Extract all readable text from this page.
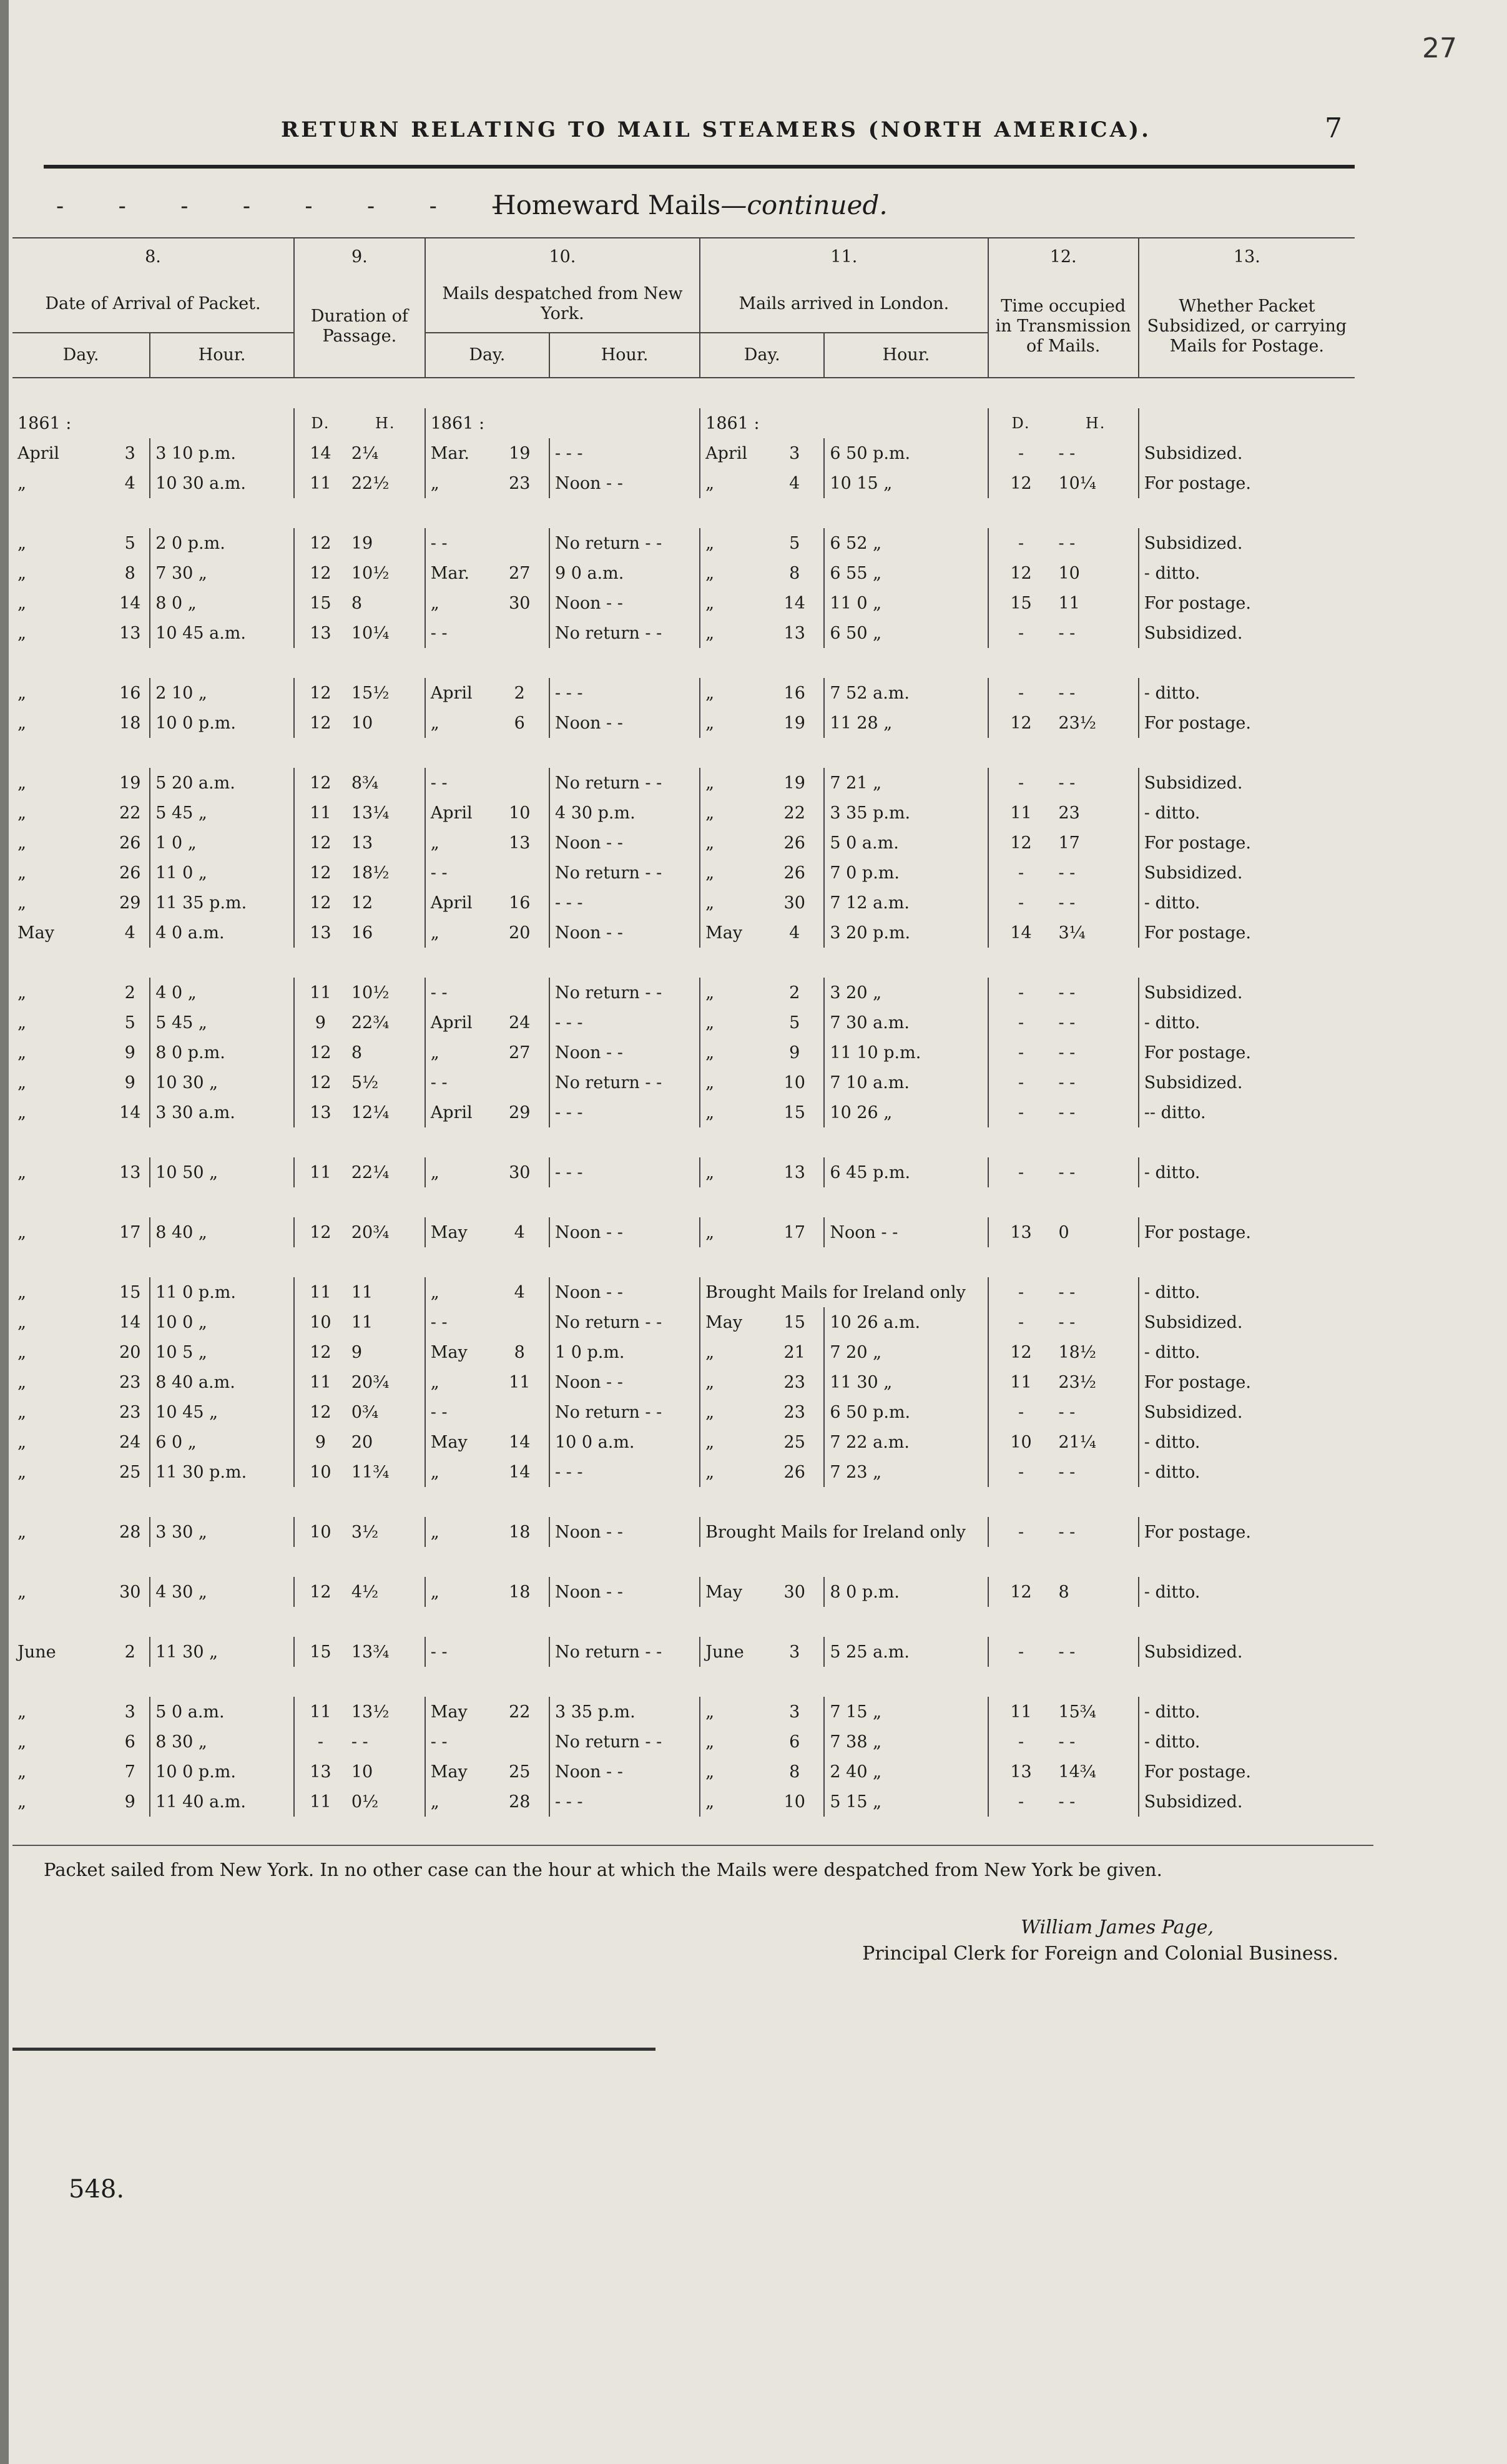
27
RETURN RELATING TO MAIL STEAMERS (NORTH AMERICA).	7
- - - - - - - -
Homeward Mails—continued.
8.			9.		10.			11.			12.		13.
Date of Arrival of Packet.			Duration of Passage.		Mails despatched from New York.			Mails arrived in London.			Time occupied in Transmission of Mails.		Whether Packet Subsidized, or carrying Mails for Postage.
Day.		Hour.			Day.		Hour.	Day.		Hour.			

1861 :			D.	H.	1861 :			1861 :			D.	H.	
April	3	3 10 p.m.	14	2¼	Mar.	19	- - -	April	3	6 50 p.m.	-	- -	Subsidized.
„	4	10 30 a.m.	11	22½	„	23	Noon - -	„	4	10 15 „	12	10¼	For postage.

„	5	2 0 p.m.	12	19	- -		No return - -	„	5	6 52 „	-	- -	Subsidized.
„	8	7 30 „	12	10½	Mar.	27	9 0 a.m.	„	8	6 55 „	12	10	- ditto.
„	14	8 0 „	15	8	„	30	Noon - -	„	14	11 0 „	15	11	For postage.
„	13	10 45 a.m.	13	10¼	- -		No return - -	„	13	6 50 „	-	- -	Subsidized.

„	16	2 10 „	12	15½	April	2	- - -	„	16	7 52 a.m.	-	- -	- ditto.
„	18	10 0 p.m.	12	10	„	6	Noon - -	„	19	11 28 „	12	23½	For postage.

„	19	5 20 a.m.	12	8¾	- -		No return - -	„	19	7 21 „	-	- -	Subsidized.
„	22	5 45 „	11	13¼	April	10	4 30 p.m.	„	22	3 35 p.m.	11	23	- ditto.
„	26	1 0 „	12	13	„	13	Noon - -	„	26	5 0 a.m.	12	17	For postage.
„	26	11 0 „	12	18½	- -		No return - -	„	26	7 0 p.m.	-	- -	Subsidized.
„	29	11 35 p.m.	12	12	April	16	- - -	„	30	7 12 a.m.	-	- -	- ditto.
May	4	4 0 a.m.	13	16	„	20	Noon - -	May	4	3 20 p.m.	14	3¼	For postage.

„	2	4 0 „	11	10½	- -		No return - -	„	2	3 20 „	-	- -	Subsidized.
„	5	5 45 „	9	22¾	April	24	- - -	„	5	7 30 a.m.	-	- -	- ditto.
„	9	8 0 p.m.	12	8	„	27	Noon - -	„	9	11 10 p.m.	-	- -	For postage.
„	9	10 30 „	12	5½	- -		No return - -	„	10	7 10 a.m.	-	- -	Subsidized.
„	14	3 30 a.m.	13	12¼	April	29	- - -	„	15	10 26 „	-	- -	-- ditto.

„	13	10 50 „	11	22¼	„	30	- - -	„	13	6 45 p.m.	-	- -	- ditto.

„	17	8 40 „	12	20¾	May	4	Noon - -	„	17	Noon - -	13	0	For postage.

„	15	11 0 p.m.	11	11	„	4	Noon - -	Brought Mails for Ireland only			-	- -	- ditto.
„	14	10 0 „	10	11	- -		No return - -	May	15	10 26 a.m.	-	- -	Subsidized.
„	20	10 5 „	12	9	May	8	1 0 p.m.	„	21	7 20 „	12	18½	- ditto.
„	23	8 40 a.m.	11	20¾	„	11	Noon - -	„	23	11 30 „	11	23½	For postage.
„	23	10 45 „	12	0¾	- -		No return - -	„	23	6 50 p.m.	-	- -	Subsidized.
„	24	6 0 „	9	20	May	14	10 0 a.m.	„	25	7 22 a.m.	10	21¼	- ditto.
„	25	11 30 p.m.	10	11¾	„	14	- - -	„	26	7 23 „	-	- -	- ditto.

„	28	3 30 „	10	3½	„	18	Noon - -	Brought Mails for Ireland only			-	- -	For postage.

„	30	4 30 „	12	4½	„	18	Noon - -	May	30	8 0 p.m.	12	8	- ditto.

June	2	11 30 „	15	13¾	- -		No return - -	June	3	5 25 a.m.	-	- -	Subsidized.

„	3	5 0 a.m.	11	13½	May	22	3 35 p.m.	„	3	7 15 „	11	15¾	- ditto.
„	6	8 30 „	-	- -	- -		No return - -	„	6	7 38 „	-	- -	- ditto.
„	7	10 0 p.m.	13	10	May	25	Noon - -	„	8	2 40 „	13	14¾	For postage.
„	9	11 40 a.m.	11	0½	„	28	- - -	„	10	5 15 „	-	- -	Subsidized.
Packet sailed from New York. In no other case can the hour at which the Mails were despatched from New York be given.
William James Page,
Principal Clerk for Foreign and Colonial Business.
548.
